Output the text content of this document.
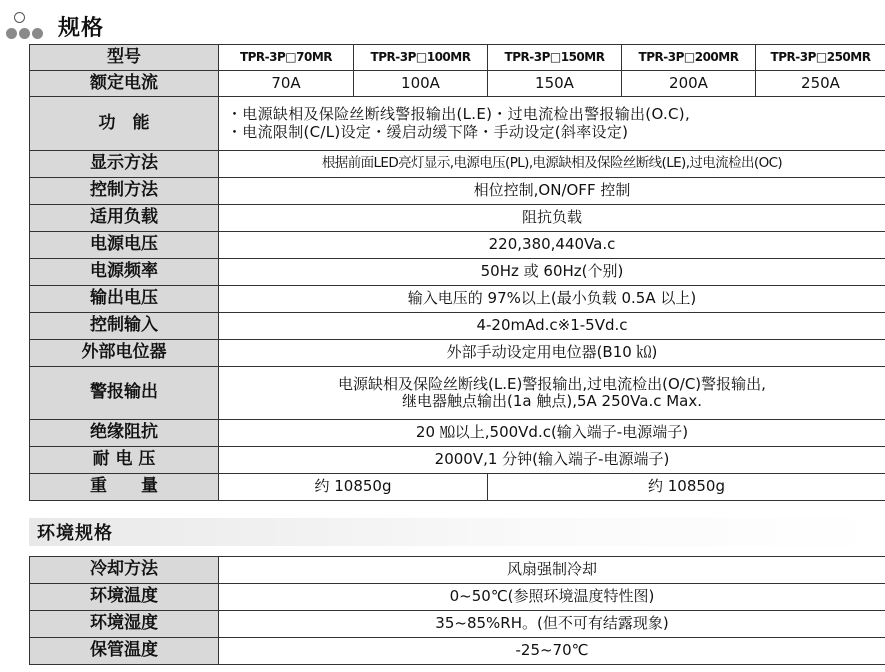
规格
型号	TPR-3P□70MR	TPR-3P□100MR	TPR-3P□150MR	TPR-3P□200MR	TPR-3P□250MR
额定电流	70A	100A	150A	200A	250A
功　能	・电源缺相及保险丝断线警报输出(L.E)・过电流检出警报输出(O.C),
・电流限制(C/L)设定・缓启动缓下降・手动设定(斜率设定)				

显示方法	根据前面LED亮灯显示,电源电压(PL),电源缺相及保险丝断线(LE),过电流检出(OC)				
控制方法	相位控制,ON/OFF 控制				
适用负载	阻抗负载				
电源电压	220,380,440Va.c				
电源频率	50Hz 或 60Hz(个别)				
输出电压	输入电压的 97%以上(最小负载 0.5A 以上)				
控制输入	4-20mAd.c※1-5Vd.c				
外部电位器	外部手动设定用电位器(B10 ㏀)				
警报输出	电源缺相及保险丝断线(L.E)警报输出,过电流检出(O/C)警报输出,
继电器触点输出(1a 触点),5A 250Va.c Max.				

绝缘阻抗	20 ㏁以上,500Vd.c(输入端子-电源端子)				
耐 电 压	2000V,1 分钟(输入端子-电源端子)				
重　　量	约 10850g		约 10850g		
环境规格
冷却方法	风扇强制冷却
环境温度	0~50℃(参照环境温度特性图)
环境湿度	35~85%RH。(但不可有结露现象)
保管温度	-25~70℃
